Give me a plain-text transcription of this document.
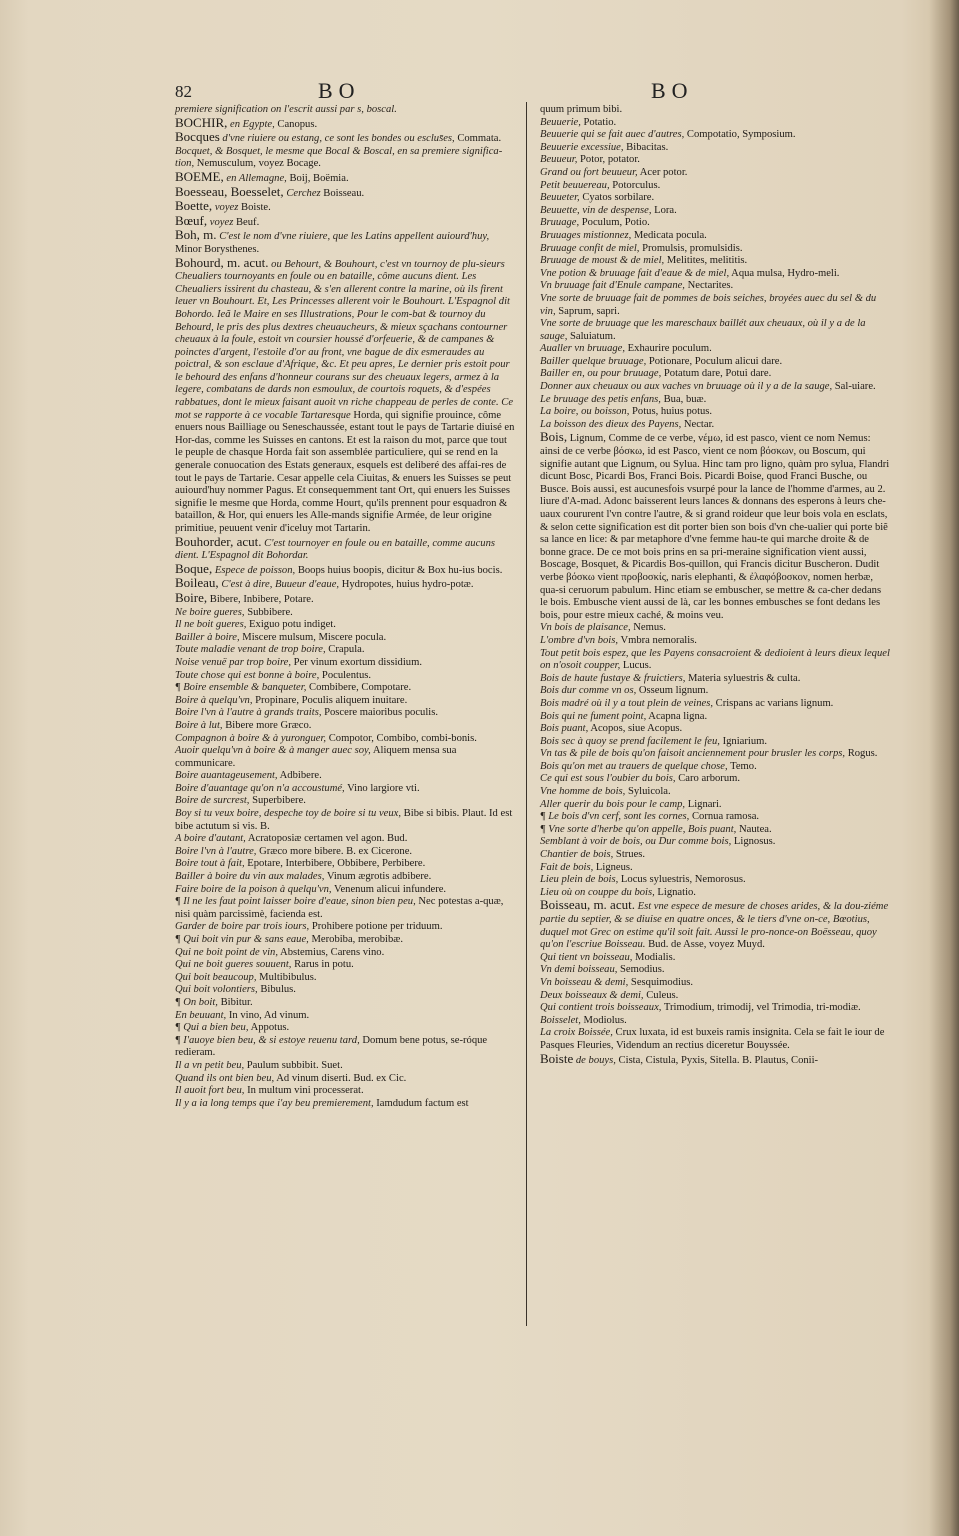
82	BO	BO

premiere signification on l'escrit aussi par s, boscal.

BOCHIR, en Egypte, Canopus.

Bocques d'vne riuiere ou estang, ce sont les bondes ou esclus̄es, Commata.

Bocquet, & Bosquet, le mesme que Bocal & Boscal, en sa premiere significa-tion, Nemusculum, voyez Bocage.

BOEME, en Allemagne, Boij, Boëmia.

Boesseau, Boesselet, Cerchez Boisseau.

Boette, voyez Boiste.

Bœuf, voyez Beuf.

Boh, m. C'est le nom d'vne riuiere, que les Latins appellent auiourd'huy, Minor Borysthenes.

Bohourd, m. acut. ou Behourt, & Bouhourt, c'est vn tournoy de plu-sieurs Cheualiers tournoyants en foule ou en bataille, côme aucuns dient. Les Cheualiers issirent du chasteau, & s'en allerent contre la marine, où ils firent leuer vn Bouhourt. Et, Les Princesses allerent voir le Bouhourt. L'Espagnol dit Bohordo. Ieã le Maire en ses Illustrations, Pour le com-bat & tournoy du Behourd, le pris des plus dextres cheuaucheurs, & mieux sçachans contourner cheuaux à la foule, estoit vn coursier houssé d'orfeuerie, & de campanes & poinctes d'argent, l'estoile d'or au front, vne bague de dix esmeraudes au poictral, & son esclaue d'Afrique, &c. Et peu apres, Le dernier pris estoit pour le behourd des enfans d'honneur courans sur des cheuaux legers, armez à la legere, combatans de dards non esmoulux, de courtois roquets, & d'espées rabbatues, dont le mieux faisant auoit vn riche chappeau de perles de conte. Ce mot se rapporte à ce vocable Tartaresque Horda, qui signifie prouince, côme enuers nous Bailliage ou Seneschaussée, estant tout le pays de Tartarie diuisé en Hor-das, comme les Suisses en cantons. Et est la raison du mot, parce que tout le peuple de chasque Horda fait son assemblée particuliere, qui se rend en la generale conuocation des Estats generaux, esquels est deliberé des affai-res de tout le pays de Tartarie. Cesar appelle cela Ciuitas, & enuers les Suisses se peut auiourd'huy nommer Pagus. Et consequemment tant Ort, qui enuers les Suisses signifie le mesme que Horda, comme Hourt, qu'ils prennent pour esquadron & bataillon, & Hor, qui enuers les Alle-mands signifie Armée, de leur origine primitiue, peuuent venir d'iceluy mot Tartarin.

Bouhorder, acut. C'est tournoyer en foule ou en bataille, comme aucuns dient. L'Espagnol dit Bohordar.

Boque, Espece de poisson, Boops huius boopis, dicitur & Box hu-ius bocis.

Boileau, C'est à dire, Buueur d'eaue, Hydropotes, huius hydro-potæ.

Boire, Bibere, Inbibere, Potare.

Ne boire gueres, Subbibere.

Il ne boit gueres, Exiguo potu indiget.

Bailler à boire, Miscere mulsum, Miscere pocula.

Toute maladie venant de trop boire, Crapula.

Noise venuë par trop boire, Per vinum exortum dissidium.

Toute chose qui est bonne à boire, Poculentus.

¶ Boire ensemble & banqueter, Combibere, Compotare.

Boire à quelqu'vn, Propinare, Poculis aliquem inuitare.

Boire l'vn à l'autre à grands traits, Poscere maioribus poculis.

Boire à lut, Bibere more Græco.

Compagnon à boire & à yuronguer, Compotor, Combibo, combi-bonis.

Auoir quelqu'vn à boire & à manger auec soy, Aliquem mensa sua communicare.

Boire auantageusement, Adbibere.

Boire d'auantage qu'on n'a accoustumé, Vino largiore vti.

Boire de surcrest, Superbibere.

Boy si tu veux boire, despeche toy de boire si tu veux, Bibe si bibis. Plaut. Id est bibe actutum si vis. B.

A boire d'autant, Acratoposiæ certamen vel agon. Bud.

Boire l'vn à l'autre, Græco more bibere. B. ex Cicerone.

Boire tout à fait, Epotare, Interbibere, Obbibere, Perbibere.

Bailler à boire du vin aux malades, Vinum ægrotis adbibere.

Faire boire de la poison à quelqu'vn, Venenum alicui infundere.

¶ Il ne les faut point laisser boire d'eaue, sinon bien peu, Nec potestas a-quæ, nisi quàm parcissimè, facienda est.

Garder de boire par trois iours, Prohibere potione per triduum.

¶ Qui boit vin pur & sans eaue, Merobiba, merobibæ.

Qui ne boit point de vin, Abstemius, Carens vino.

Qui ne boit gueres souuent, Rarus in potu.

Qui boit beaucoup, Multibibulus.

Qui boit volontiers, Bibulus.

¶ On boit, Bibitur.

En beuuant, In vino, Ad vinum.

¶ Qui a bien beu, Appotus.

¶ I'auoye bien beu, & si estoye reuenu tard, Domum bene potus, se-róque redieram.

Il a vn petit beu, Paulum subbibit. Suet.

Quand ils ont bien beu, Ad vinum diserti. Bud. ex Cic.

Il auoit fort beu, In multum vini processerat.

Il y a ia long temps que i'ay beu premierement, Iamdudum factum est

quum primum bibi.

Beuuerie, Potatio.

Beuuerie qui se fait auec d'autres, Compotatio, Symposium.

Beuuerie excessiue, Bibacitas.

Beuueur, Potor, potator.

Grand ou fort beuueur, Acer potor.

Petit beuuereau, Potorculus.

Beuueter, Cyatos sorbilare.

Beuuette, vin de despense, Lora.

Bruuage, Poculum, Potio.

Bruuages mistionnez, Medicata pocula.

Bruuage confit de miel, Promulsis, promulsidis.

Bruuage de moust & de miel, Melitites, melititis.

Vne potion & bruuage fait d'eaue & de miel, Aqua mulsa, Hydro-meli.

Vn bruuage fait d'Enule campane, Nectarites.

Vne sorte de bruuage fait de pommes de bois seiches, broyées auec du sel & du vin, Saprum, sapri.

Vne sorte de bruuage que les mareschaux baillét aux cheuaux, où il y a de la sauge, Saluiatum.

Aualler vn bruuage, Exhaurire poculum.

Bailler quelque bruuage, Potionare, Poculum alicui dare.

Bailler en, ou pour bruuage, Potatum dare, Potui dare.

Donner aux cheuaux ou aux vaches vn bruuage où il y a de la sauge, Sal-uiare.

Le bruuage des petis enfans, Bua, buæ.

La boire, ou boisson, Potus, huius potus.

La boisson des dieux des Payens, Nectar.

Bois, Lignum, Comme de ce verbe, νέμω, id est pasco, vient ce nom Nemus: ainsi de ce verbe βόσκω, id est Pasco, vient ce nom βόσκων, ou Boscum, qui signifie autant que Lignum, ou Sylua. Hinc tam pro ligno, quàm pro sylua, Flandri dicunt Bosc, Picardi Bos, Franci Bois. Picardi Boise, quod Franci Busche, ou Busce. Bois aussi, est aucunesfois vsurpé pour la lance de l'homme d'armes, au 2. liure d'A-mad. Adonc baisserent leurs lances & donnans des esperons à leurs che-uaux coururent l'vn contre l'autre, & si grand roideur que leur bois vola en esclats, & selon cette signification est dit porter bien son bois d'vn che-ualier qui porte biẽ sa lance en lice: & par metaphore d'vne femme hau-te qui marche droite & de bonne grace. De ce mot bois prins en sa pri-meraine signification vient aussi, Boscage, Bosquet, & Picardis Bos-quillon, qui Francis dicitur Buscheron. Dudit verbe βόσκω vient προβοσκίς, naris elephanti, & ἐλαφόβοσκον, nomen herbæ, qua-si ceruorum pabulum. Hinc etiam se embuscher, se mettre & ca-cher dedans le bois. Embusche vient aussi de là, car les bonnes embusches se font dedans les bois, pour estre mieux caché, & moins veu.

Vn bois de plaisance, Nemus.

L'ombre d'vn bois, Vmbra nemoralis.

Tout petit bois espez, que les Payens consacroient & dedioient à leurs dieux lequel on n'osoit coupper, Lucus.

Bois de haute fustaye & fruictiers, Materia syluestris & culta.

Bois dur comme vn os, Osseum lignum.

Bois madré où il y a tout plein de veines, Crispans ac varians lignum.

Bois qui ne fument point, Acapna ligna.

Bois puant, Acopos, siue Acopus.

Bois sec à quoy se prend facilement le feu, Igniarium.

Vn tas & pile de bois qu'on faisoit anciennement pour brusler les corps, Rogus.

Bois qu'on met au trauers de quelque chose, Temo.

Ce qui est sous l'oubier du bois, Caro arborum.

Vne homme de bois, Syluicola.

Aller querir du bois pour le camp, Lignari.

¶ Le bois d'vn cerf, sont les cornes, Cornua ramosa.

¶ Vne sorte d'herbe qu'on appelle, Bois puant, Nautea.

Semblant à voir de bois, ou Dur comme bois, Lignosus.

Chantier de bois, Strues.

Fait de bois, Ligneus.

Lieu plein de bois, Locus syluestris, Nemorosus.

Lieu où on couppe du bois, Lignatio.

Boisseau, m. acut. Est vne espece de mesure de choses arides, & la dou-ziéme partie du septier, & se diuise en quatre onces, & le tiers d'vne on-ce, Bœotius, duquel mot Grec on estime qu'il soit fait. Aussi le pro-nonce-on Boësseau, quoy qu'on l'escriue Boisseau. Bud. de Asse, voyez Muyd.

Qui tient vn boisseau, Modialis.

Vn demi boisseau, Semodius.

Vn boisseau & demi, Sesquimodius.

Deux boisseaux & demi, Culeus.

Qui contient trois boisseaux, Trimodium, trimodij, vel Trimodia, tri-modiæ.

Boisselet, Modiolus.

La croix Boissée, Crux luxata, id est buxeis ramis insignita. Cela se fait le iour de Pasques Fleuries, Videndum an rectius diceretur Bouyssée.

Boiste de bouys, Cista, Cistula, Pyxis, Sitella. B. Plautus, Conii-
